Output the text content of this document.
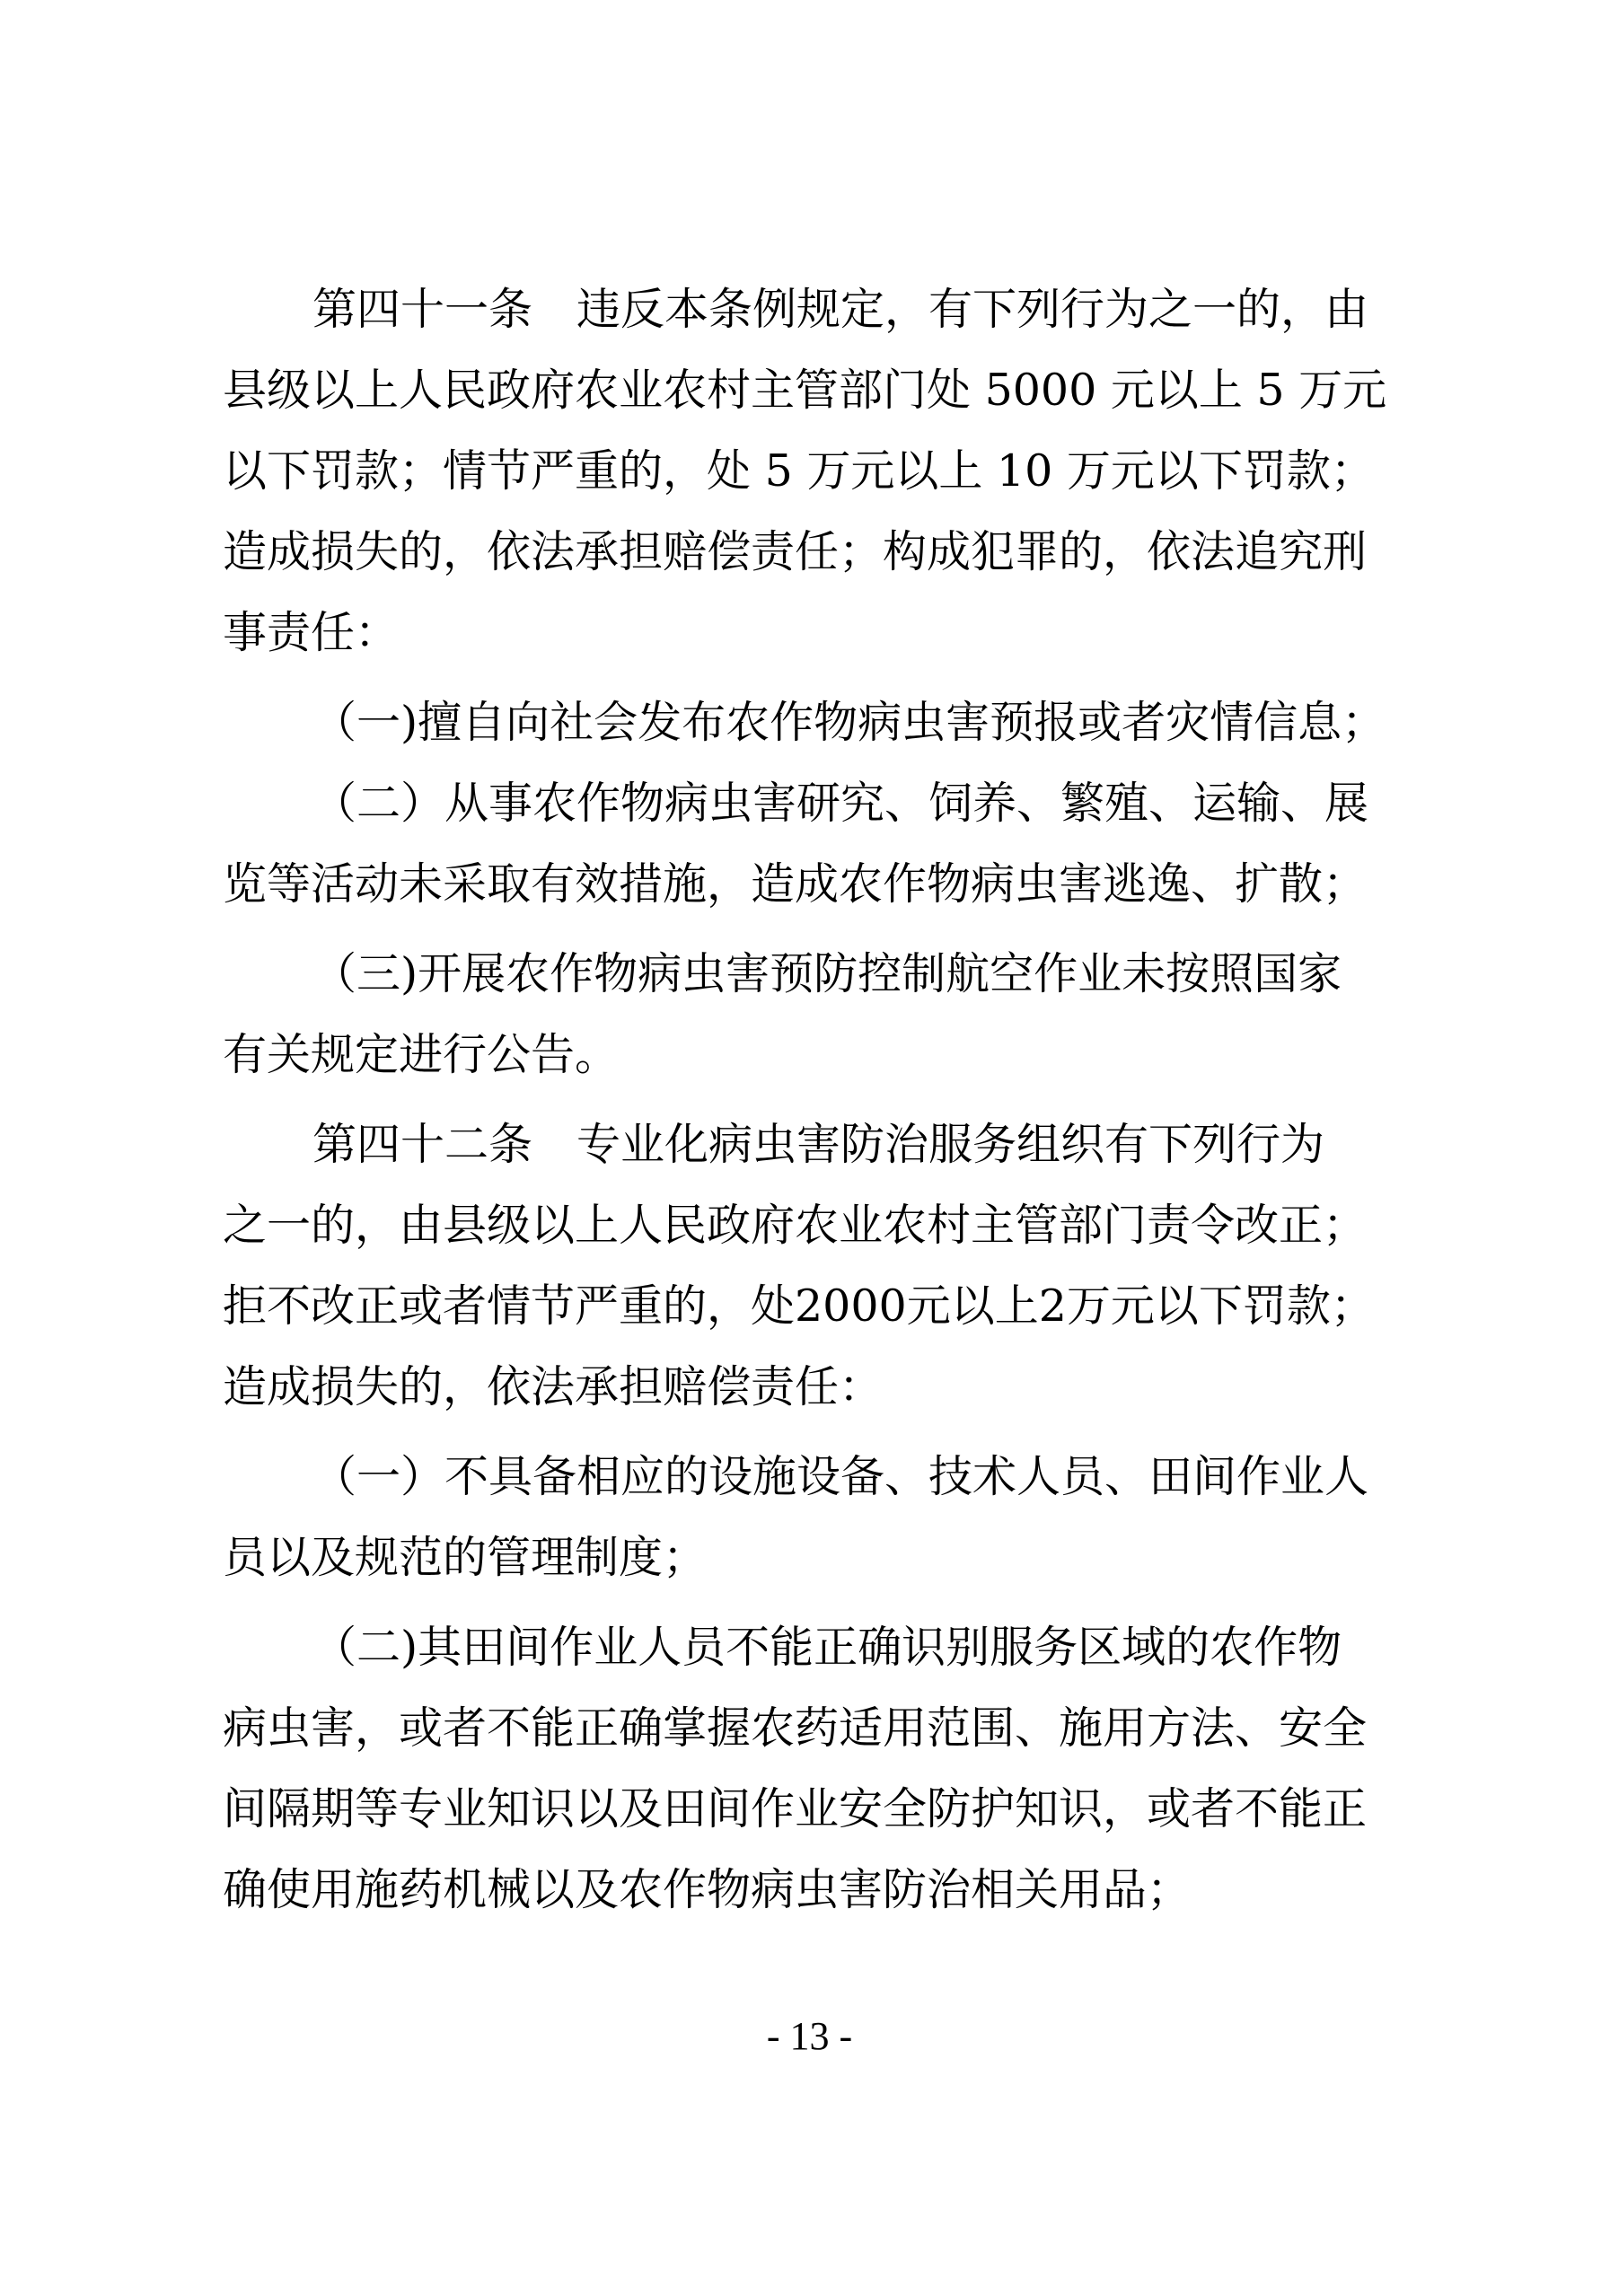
第四十一条　违反本条例规定，有下列行为之一的，由
县级以上人民政府农业农村主管部门处 5000 元以上 5 万元
以下罚款；情节严重的，处 5 万元以上 10 万元以下罚款；
造成损失的，依法承担赔偿责任；构成犯罪的，依法追究刑
事责任：
（一)擅自向社会发布农作物病虫害预报或者灾情信息；
（二）从事农作物病虫害研究、饲养、繁殖、运输、展
览等活动未采取有效措施，造成农作物病虫害逃逸、扩散；
（三)开展农作物病虫害预防控制航空作业未按照国家
有关规定进行公告。
第四十二条　专业化病虫害防治服务组织有下列行为
之一的，由县级以上人民政府农业农村主管部门责令改正；
拒不改正或者情节严重的，处2000元以上2万元以下罚款；
造成损失的，依法承担赔偿责任：
（一）不具备相应的设施设备、技术人员、田间作业人
员以及规范的管理制度；
（二)其田间作业人员不能正确识别服务区域的农作物
病虫害，或者不能正确掌握农药适用范围、施用方法、安全
间隔期等专业知识以及田间作业安全防护知识，或者不能正
确使用施药机械以及农作物病虫害防治相关用品；
- 13 -
